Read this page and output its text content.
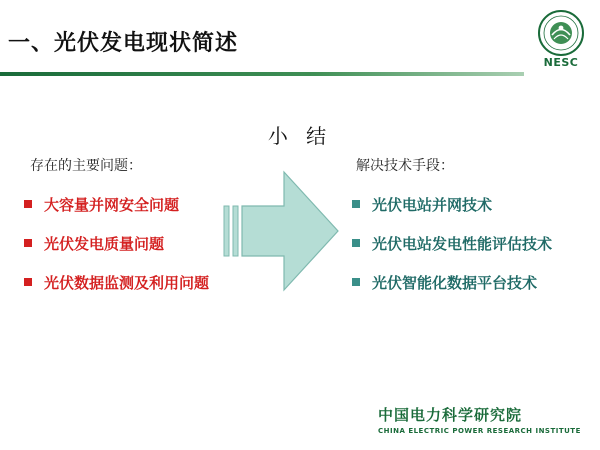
一、光伏发电现状简述
NESC
小 结
存在的主要问题：	解决技术手段：
大容量并网安全问题
光伏发电质量问题
光伏数据监测及利用问题
光伏电站并网技术
光伏电站发电性能评估技术
光伏智能化数据平台技术
中国电力科学研究院
CHINA ELECTRIC POWER RESEARCH INSTITUTE
